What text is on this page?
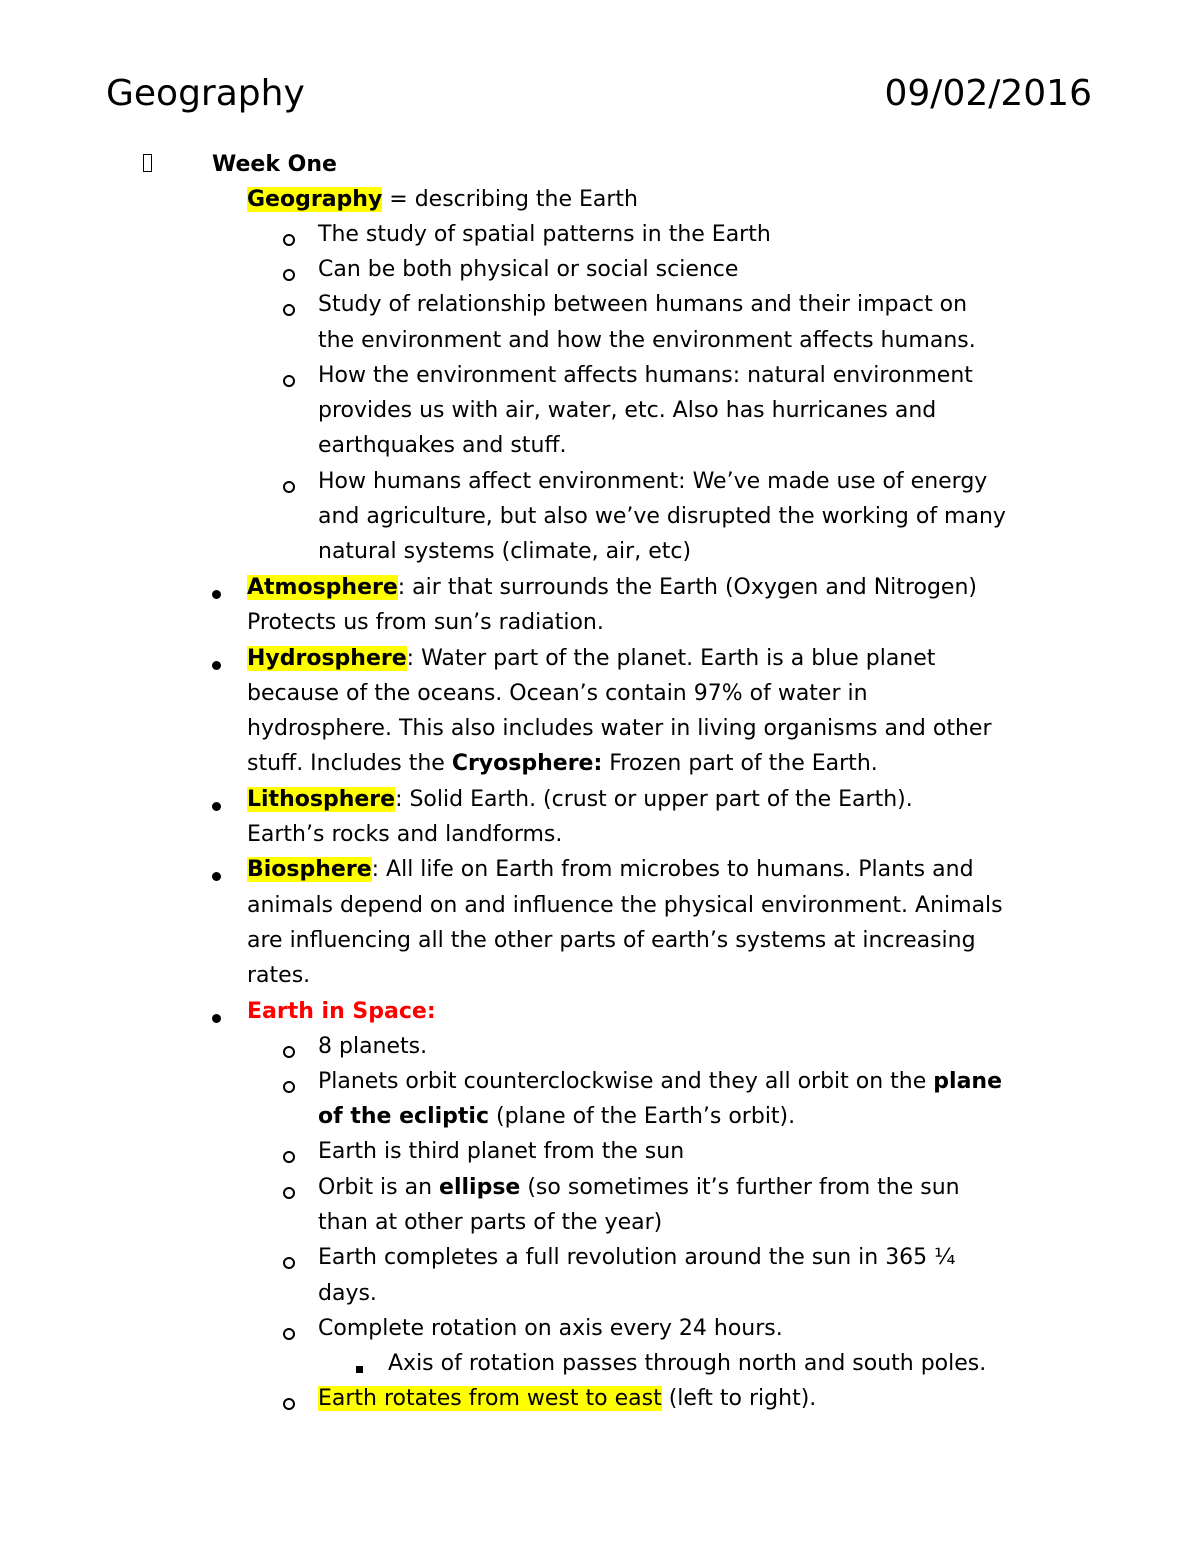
Geography	09/02/2016
Week One
Geography = describing the Earth
The study of spatial patterns in the Earth
Can be both physical or social science
Study of relationship between humans and their impact on
the environment and how the environment affects humans.
How the environment affects humans: natural environment
provides us with air, water, etc. Also has hurricanes and
earthquakes and stuff.
How humans affect environment: We’ve made use of energy
and agriculture, but also we’ve disrupted the working of many
natural systems (climate, air, etc)
Atmosphere: air that surrounds the Earth (Oxygen and Nitrogen)
Protects us from sun’s radiation.
Hydrosphere: Water part of the planet. Earth is a blue planet
because of the oceans. Ocean’s contain 97% of water in
hydrosphere. This also includes water in living organisms and other
stuff. Includes the Cryosphere: Frozen part of the Earth.
Lithosphere: Solid Earth. (crust or upper part of the Earth).
Earth’s rocks and landforms.
Biosphere: All life on Earth from microbes to humans. Plants and
animals depend on and influence the physical environment. Animals
are influencing all the other parts of earth’s systems at increasing
rates.
Earth in Space:
8 planets.
Planets orbit counterclockwise and they all orbit on the plane
of the ecliptic (plane of the Earth’s orbit).
Earth is third planet from the sun
Orbit is an ellipse (so sometimes it’s further from the sun
than at other parts of the year)
Earth completes a full revolution around the sun in 365 ¼
days.
Complete rotation on axis every 24 hours.
Axis of rotation passes through north and south poles.
Earth rotates from west to east (left to right).
